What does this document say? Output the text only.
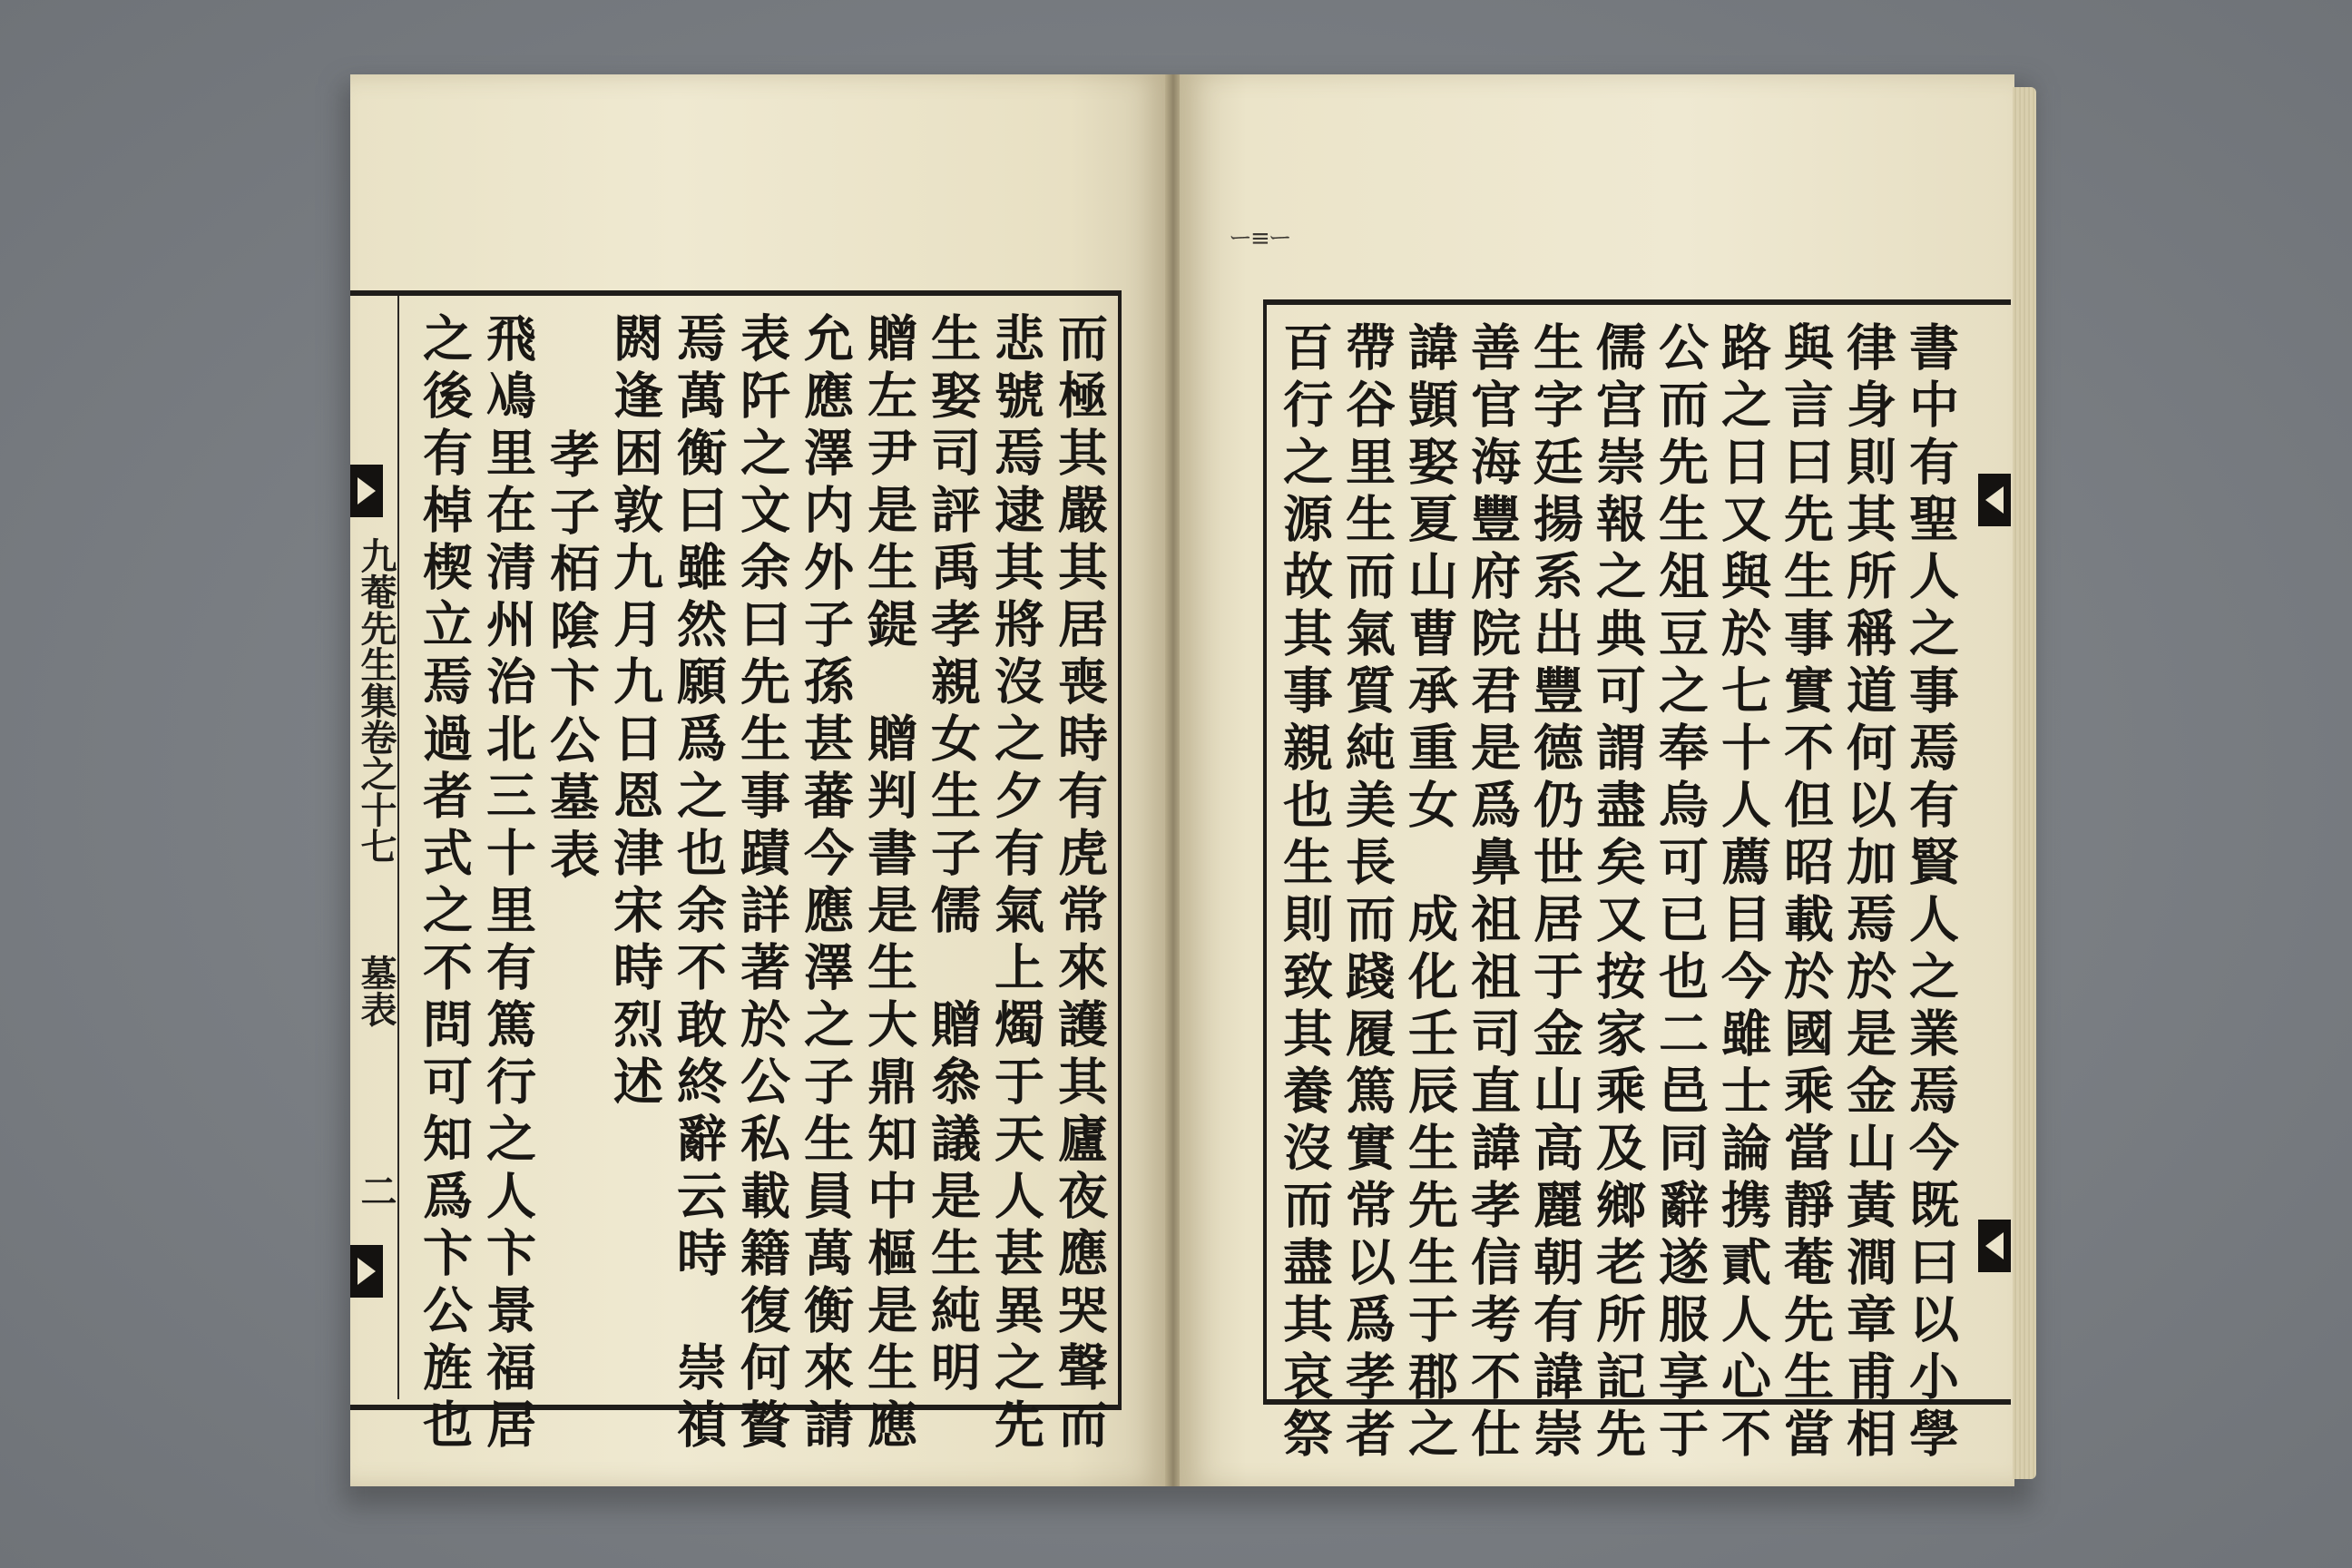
九菴先生集卷之十七
墓表
二	而極其嚴其居喪時有虎常來護其廬夜應哭聲而
悲號焉逮其將沒之夕有氣上燭于天人甚異之先
生娶司評禹孝親女生子儒　贈叅議是生純明
贈左尹是生鍉　贈判書是生大鼎知中樞是生應
允應澤内外子孫甚蕃今應澤之子生員萬衡來請
表阡之文余曰先生事蹟詳著於公私載籍復何贅
焉萬衡曰雖然願爲之也余不敢終辭云時　崇禎
閼逢困敦九月九日恩津宋時烈述
孝子栢隂卞公墓表
飛鳰里在清州治北三十里有篤行之人卞景福居
之後有棹楔立焉過者式之不問可知爲卞公旌也
ー≡ー
書中有聖人之事焉有賢人之業焉今既曰以小學
律身則其所稱道何以加焉於是金山黃澗章甫相
與言曰先生事實不但昭載於國乘當靜菴先生當
路之日又與於七十人薦目今雖士論携貳人心不
公而先生俎豆之奉烏可已也二邑同辭遂服享于
儒宫崇報之典可謂盡矣又按家乘及鄉老所記先
生字廷揚系出豐德仍世居于金山高麗朝有諱崇
善官海豐府院君是爲鼻祖祖司直諱孝信考不仕
諱顗娶夏山曹承重女　成化壬辰生先生于郡之
帶谷里生而氣質純美長而踐履篤實常以爲孝者
百行之源故其事親也生則致其養沒而盡其哀祭
